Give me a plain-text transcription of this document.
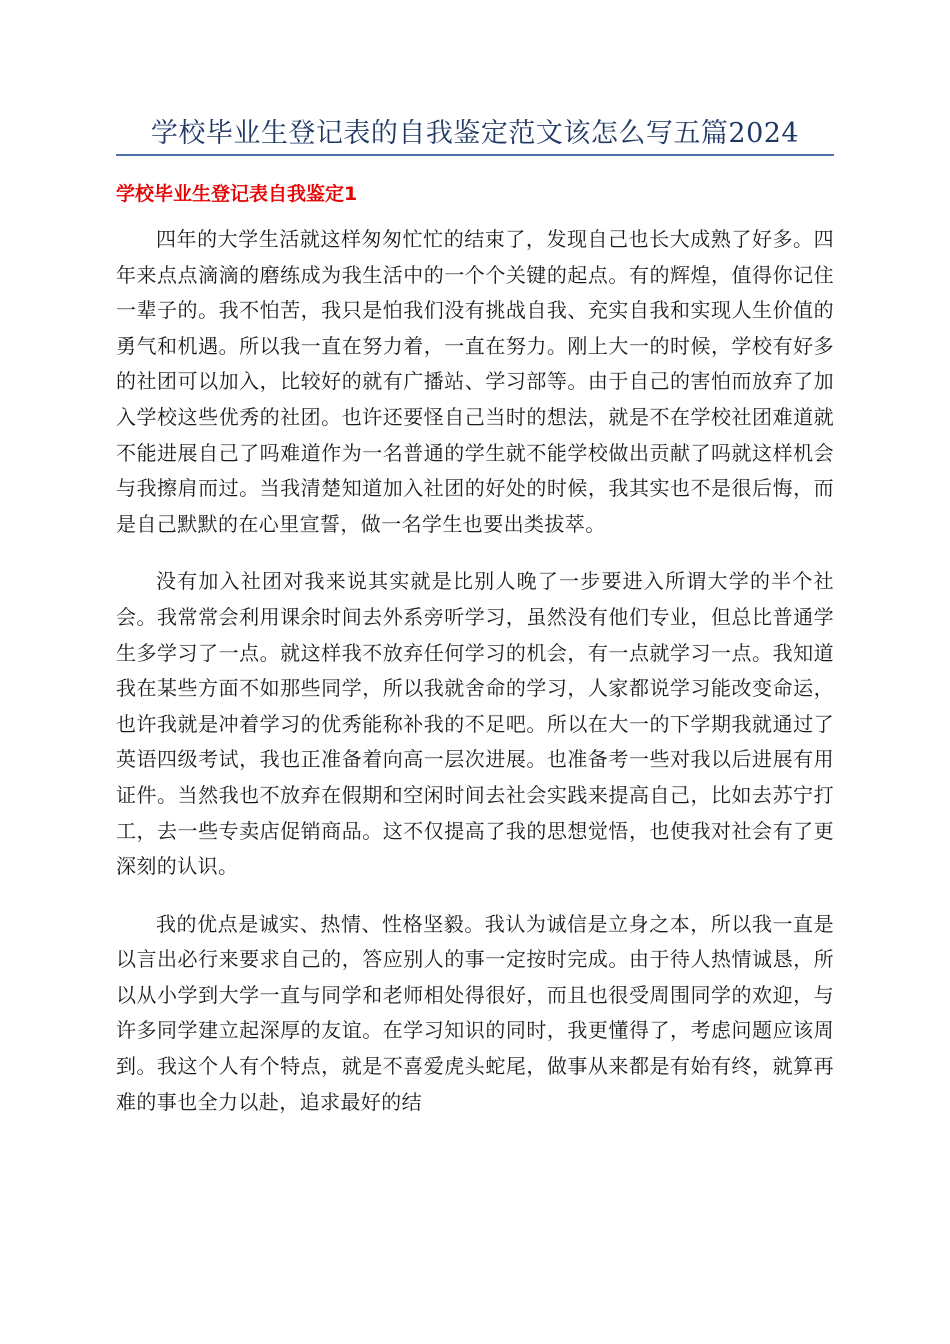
学校毕业生登记表的自我鉴定范文该怎么写五篇2024
学校毕业生登记表自我鉴定1

四年的大学生活就这样匆匆忙忙的结束了，发现自己也长大成熟了好多。四年来点点滴滴的磨练成为我生活中的一个个关键的起点。有的辉煌，值得你记住一辈子的。我不怕苦，我只是怕我们没有挑战自我、充实自我和实现人生价值的勇气和机遇。所以我一直在努力着，一直在努力。刚上大一的时候，学校有好多的社团可以加入，比较好的就有广播站、学习部等。由于自己的害怕而放弃了加入学校这些优秀的社团。也许还要怪自己当时的想法，就是不在学校社团难道就不能进展自己了吗难道作为一名普通的学生就不能学校做出贡献了吗就这样机会与我擦肩而过。当我清楚知道加入社团的好处的时候，我其实也不是很后悔，而是自己默默的在心里宣誓，做一名学生也要出类拔萃。

没有加入社团对我来说其实就是比别人晚了一步要进入所谓大学的半个社会。我常常会利用课余时间去外系旁听学习，虽然没有他们专业，但总比普通学生多学习了一点。就这样我不放弃任何学习的机会，有一点就学习一点。我知道我在某些方面不如那些同学，所以我就舍命的学习，人家都说学习能改变命运，也许我就是冲着学习的优秀能称补我的不足吧。所以在大一的下学期我就通过了英语四级考试，我也正准备着向高一层次进展。也准备考一些对我以后进展有用证件。当然我也不放弃在假期和空闲时间去社会实践来提高自己，比如去苏宁打工，去一些专卖店促销商品。这不仅提高了我的思想觉悟，也使我对社会有了更深刻的认识。

我的优点是诚实、热情、性格坚毅。我认为诚信是立身之本，所以我一直是以言出必行来要求自己的，答应别人的事一定按时完成。由于待人热情诚恳，所以从小学到大学一直与同学和老师相处得很好，而且也很受周围同学的欢迎，与许多同学建立起深厚的友谊。在学习知识的同时，我更懂得了，考虑问题应该周到。我这个人有个特点，就是不喜爱虎头蛇尾，做事从来都是有始有终，就算再难的事也全力以赴，追求最好的结
